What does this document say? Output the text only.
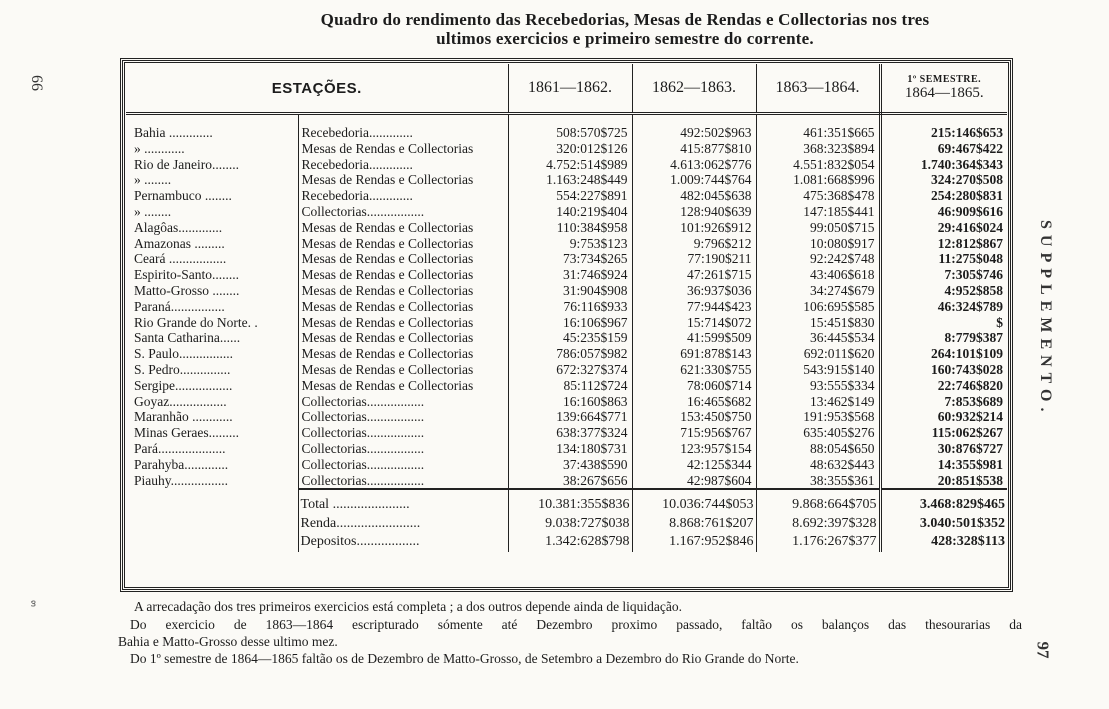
Quadro do rendimento das Recebedorias, Mesas de Rendas e Collectorias nos tres
ultimos exercicios e primeiro semestre do corrente.
66
๓
SUPPLEMENTO.
97
ESTAÇÕES.		1861—1862.	1862—1863.	1863—1864.	1º SEMESTRE.
1864—1865.

Bahia .............	Recebedoria.............	508:570$725	492:502$963	461:351$665	215:146$653
» ............	Mesas de Rendas e Collectorias	320:012$126	415:877$810	368:323$894	69:467$422
Rio de Janeiro........	Recebedoria.............	4.752:514$989	4.613:062$776	4.551:832$054	1.740:364$343
» ........	Mesas de Rendas e Collectorias	1.163:248$449	1.009:744$764	1.081:668$996	324:270$508
Pernambuco ........	Recebedoria.............	554:227$891	482:045$638	475:368$478	254:280$831
» ........	Collectorias.................	140:219$404	128:940$639	147:185$441	46:909$616
Alagôas.............	Mesas de Rendas e Collectorias	110:384$958	101:926$912	99:050$715	29:416$024
Amazonas .........	Mesas de Rendas e Collectorias	9:753$123	9:796$212	10:080$917	12:812$867
Ceará .................	Mesas de Rendas e Collectorias	73:734$265	77:190$211	92:242$748	11:275$048
Espirito-Santo........	Mesas de Rendas e Collectorias	31:746$924	47:261$715	43:406$618	7:305$746
Matto-Grosso ........	Mesas de Rendas e Collectorias	31:904$908	36:937$036	34:274$679	4:952$858
Paraná................	Mesas de Rendas e Collectorias	76:116$933	77:944$423	106:695$585	46:324$789
Rio Grande do Norte. .	Mesas de Rendas e Collectorias	16:106$967	15:714$072	15:451$830	$
Santa Catharina......	Mesas de Rendas e Collectorias	45:235$159	41:599$509	36:445$534	8:779$387
S. Paulo................	Mesas de Rendas e Collectorias	786:057$982	691:878$143	692:011$620	264:101$109
S. Pedro...............	Mesas de Rendas e Collectorias	672:327$374	621:330$755	543:915$140	160:743$028
Sergipe.................	Mesas de Rendas e Collectorias	85:112$724	78:060$714	93:555$334	22:746$820
Goyaz.................	Collectorias.................	16:160$863	16:465$682	13:462$149	7:853$689
Maranhão ............	Collectorias.................	139:664$771	153:450$750	191:953$568	60:932$214
Minas Geraes.........	Collectorias.................	638:377$324	715:956$767	635:405$276	115:062$267
Pará....................	Collectorias.................	134:180$731	123:957$154	88:054$650	30:876$727
Parahyba.............	Collectorias.................	37:438$590	42:125$344	48:632$443	14:355$981
Piauhy.................	Collectorias.................	38:267$656	42:987$604	38:355$361	20:851$538

	Total ......................	10.381:355$836	10.036:744$053	9.868:664$705	3.468:829$465
	Renda........................	9.038:727$038	8.868:761$207	8.692:397$328	3.040:501$352
	Depositos..................	1.342:628$798	1.167:952$846	1.176:267$377	428:328$113
A arrecadação dos tres primeiros exercicios está completa ; a dos outros depende ainda de liquidação.
Do exercicio de 1863—1864 escripturado sómente até Dezembro proximo passado, faltão os balanços das thesourarias da
Bahia e Matto-Grosso desse ultimo mez.
Do 1º semestre de 1864—1865 faltão os de Dezembro de Matto-Grosso, de Setembro a Dezembro do Rio Grande do Norte.
